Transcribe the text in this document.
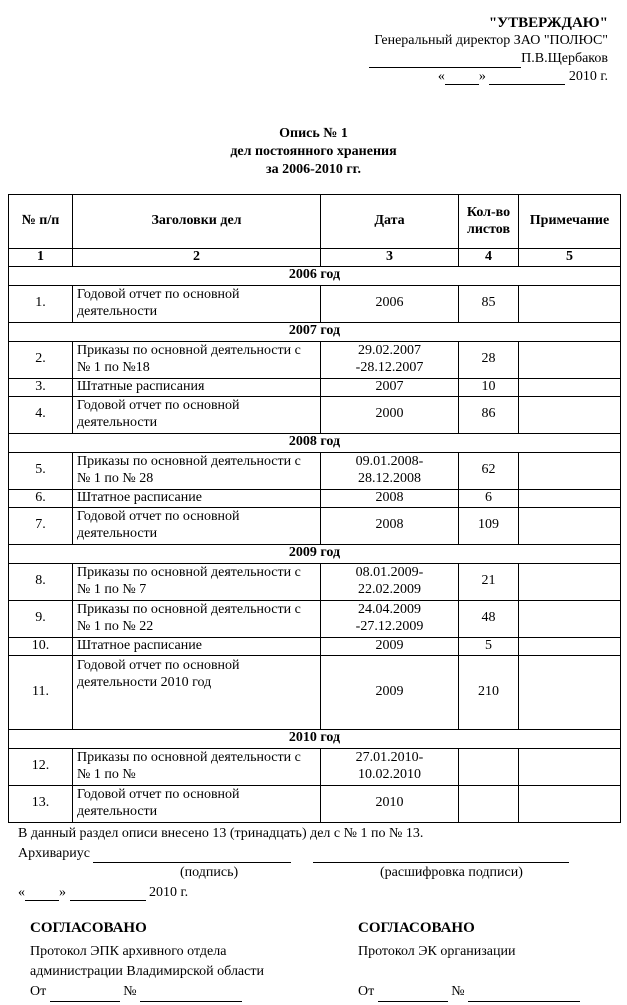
"УТВЕРЖДАЮ"
Генеральный директор ЗАО "ПОЛЮС"
П.В.Щербаков
« »	2010 г.
Опись № 1
дел постоянного хранения
за 2006-2010 гг.
№ п/п	Заголовки дел	Дата	Кол-во листов	Примечание
1	2	3	4	5
2006 год				
1.	Годовой отчет по основной деятельности	2006	85	
2007 год				
2.	Приказы по основной деятельности с № 1 по №18	29.02.2007 -28.12.2007	28	
3.	Штатные расписания	2007	10	
4.	Годовой отчет по основной деятельности	2000	86	
2008 год				
5.	Приказы по основной деятельности с № 1 по № 28	09.01.2008-28.12.2008	62	
6.	Штатное расписание	2008	6	
7.	Годовой отчет по основной деятельности	2008	109	
2009 год				
8.	Приказы по основной деятельности с № 1 по № 7	08.01.2009-22.02.2009	21	
9.	Приказы по основной деятельности с № 1 по № 22	24.04.2009 -27.12.2009	48	
10.	Штатное расписание	2009	5	
11.	Годовой отчет по основной деятельности 2010 год	2009	210	
2010 год				
12.	Приказы по основной деятельности с № 1 по №	27.01.2010-10.02.2010		
13.	Годовой отчет по основной деятельности	2010		
В данный раздел описи внесено 13 (тринадцать) дел с № 1 по № 13.
Архивариус
(подпись)	(расшифровка подписи)
« »	2010 г.
СОГЛАСОВАНО
Протокол ЭПК архивного отдела
администрации Владимирской области
От	№
СОГЛАСОВАНО
Протокол ЭК организации
От	№
